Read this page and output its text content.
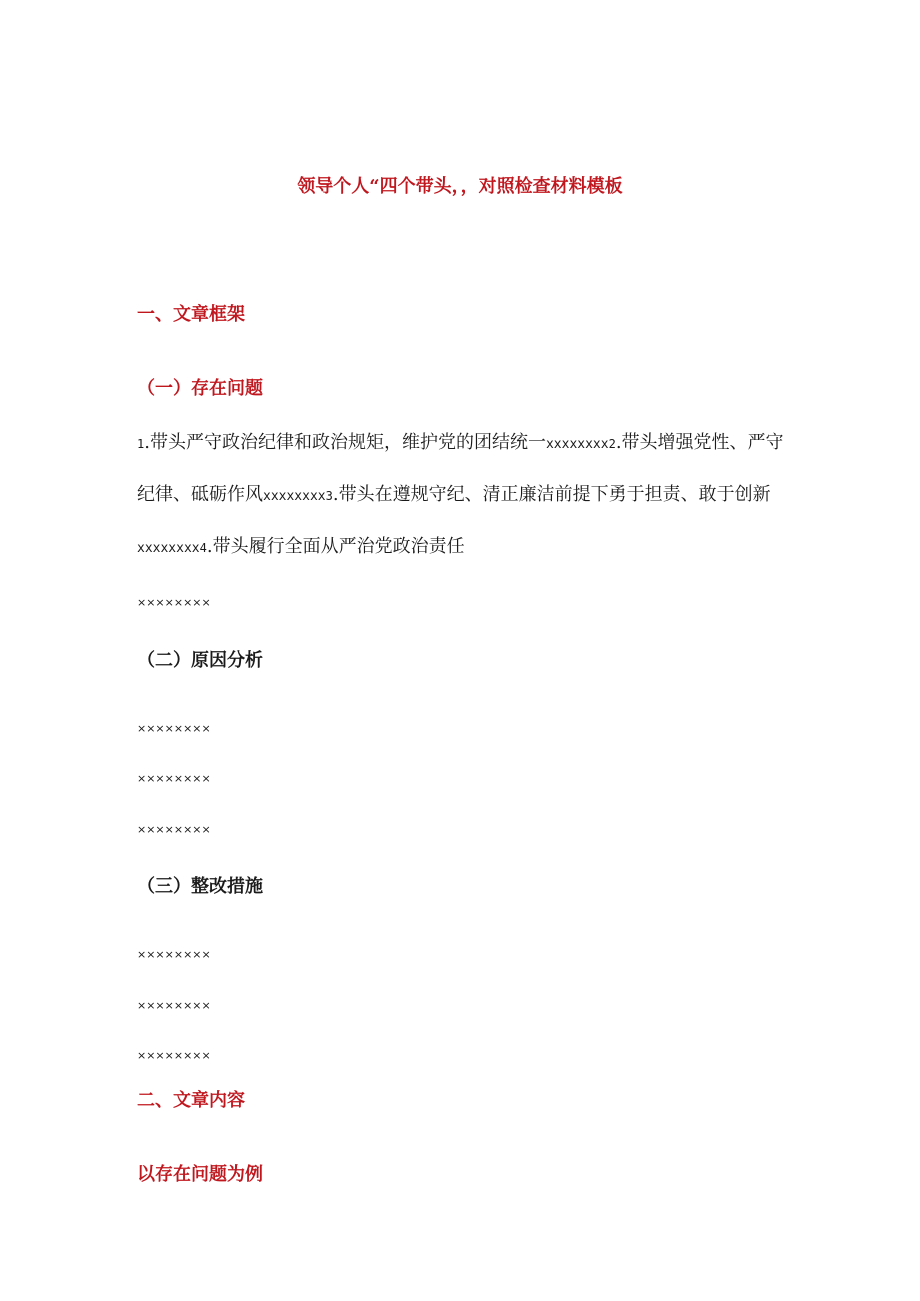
领导个人“四个带头，，对照检查材料模板
一、文章框架
（一）存在问题
1.带头严守政治纪律和政治规矩，维护党的团结统一xxxxxxxx2.带头增强党性、严守纪律、砥砺作风xxxxxxxx3.带头在遵规守纪、清正廉洁前提下勇于担责、敢于创新xxxxxxxx4.带头履行全面从严治党政治责任
××××××××
（二）原因分析
××××××××
××××××××
××××××××
（三）整改措施
××××××××
××××××××
××××××××
二、文章内容
以存在问题为例
